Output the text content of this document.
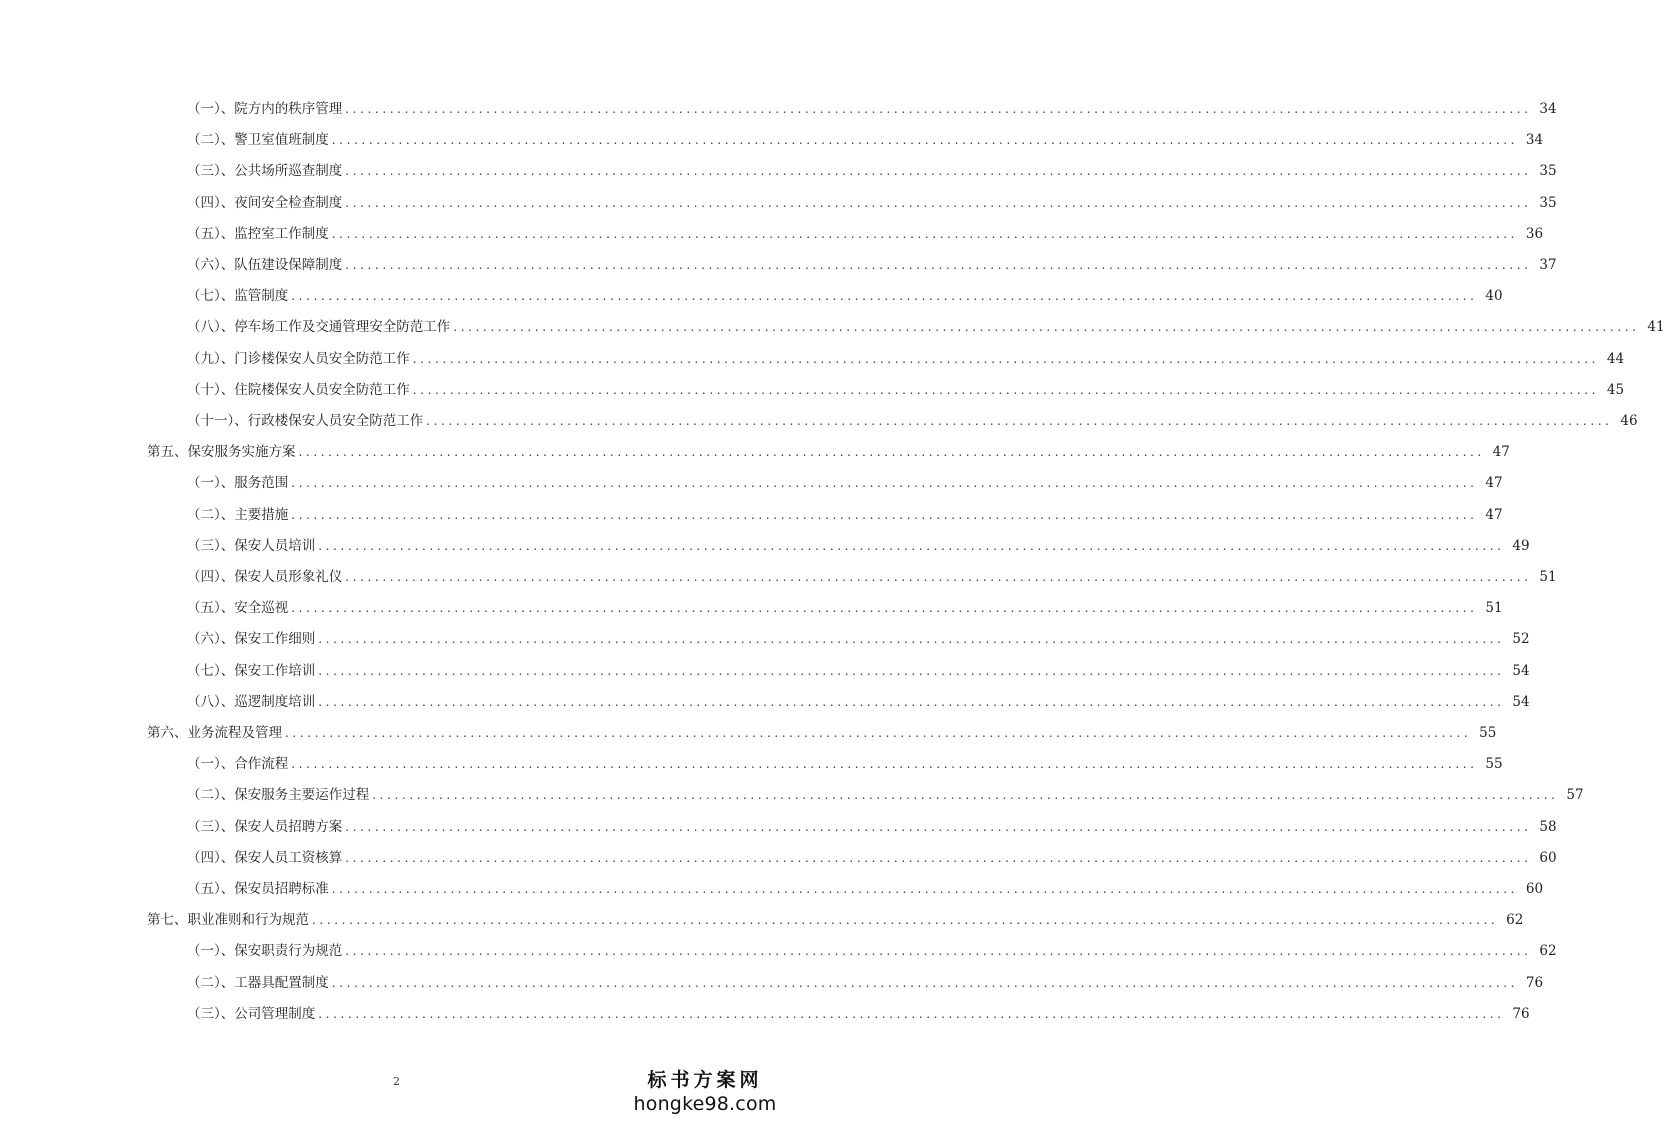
（一）、院方内的秩序管理 ................................................................................................................................................................ 34
（二）、警卫室值班制度 ................................................................................................................................................................ 34
（三）、公共场所巡查制度 ................................................................................................................................................................ 35
（四）、夜间安全检查制度 ................................................................................................................................................................ 35
（五）、监控室工作制度 ................................................................................................................................................................ 36
（六）、队伍建设保障制度 ................................................................................................................................................................ 37
（七）、监管制度 ................................................................................................................................................................ 40
（八）、停车场工作及交通管理安全防范工作 ................................................................................................................................................................ 41
（九）、门诊楼保安人员安全防范工作 ................................................................................................................................................................ 44
（十）、住院楼保安人员安全防范工作 ................................................................................................................................................................ 45
（十一）、行政楼保安人员安全防范工作 ................................................................................................................................................................ 46
第五、保安服务实施方案 ................................................................................................................................................................ 47
（一）、服务范围 ................................................................................................................................................................ 47
（二）、主要措施 ................................................................................................................................................................ 47
（三）、保安人员培训 ................................................................................................................................................................ 49
（四）、保安人员形象礼仪 ................................................................................................................................................................ 51
（五）、安全巡视 ................................................................................................................................................................ 51
（六）、保安工作细则 ................................................................................................................................................................ 52
（七）、保安工作培训 ................................................................................................................................................................ 54
（八）、巡逻制度培训 ................................................................................................................................................................ 54
第六、业务流程及管理 ................................................................................................................................................................ 55
（一）、合作流程 ................................................................................................................................................................ 55
（二）、保安服务主要运作过程 ................................................................................................................................................................ 57
（三）、保安人员招聘方案 ................................................................................................................................................................ 58
（四）、保安人员工资核算 ................................................................................................................................................................ 60
（五）、保安员招聘标准 ................................................................................................................................................................ 60
第七、职业准则和行为规范 ................................................................................................................................................................ 62
（一）、保安职责行为规范 ................................................................................................................................................................ 62
（二）、工器具配置制度 ................................................................................................................................................................ 76
（三）、公司管理制度 ................................................................................................................................................................ 76
2	标书方案网
hongke98.com
